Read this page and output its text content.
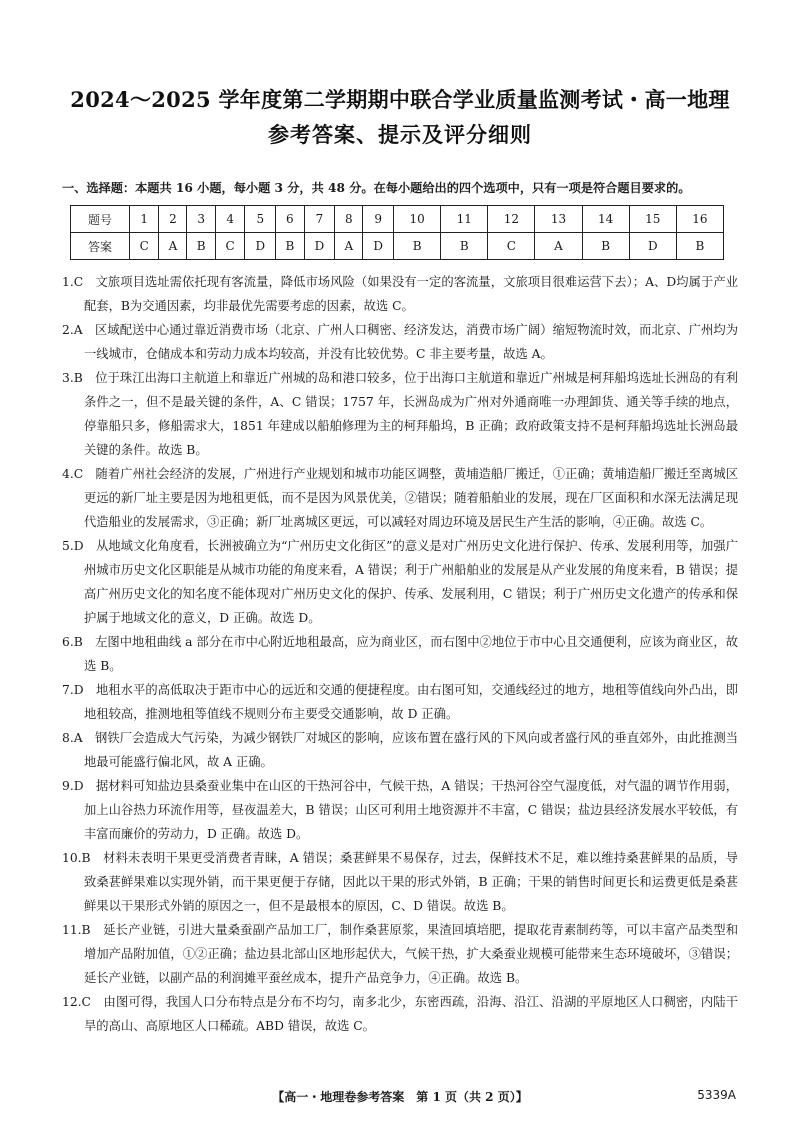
2024～2025 学年度第二学期期中联合学业质量监测考试・高一地理
参考答案、提示及评分细则
一、选择题：本题共 16 小题，每小题 3 分，共 48 分。在每小题给出的四个选项中，只有一项是符合题目要求的。
题号	1	2	3	4	5	6	7	8	9	10	11	12	13	14	15	16
答案	C	A	B	C	D	B	D	A	D	B	B	C	A	B	D	B
1.C　文旅项目选址需依托现有客流量，降低市场风险（如果没有一定的客流量，文旅项目很难运营下去）；A、D均属于产业配套，B为交通因素，均非最优先需要考虑的因素，故选 C。
2.A　区域配送中心通过靠近消费市场（北京、广州人口稠密、经济发达，消费市场广阔）缩短物流时效，而北京、广州均为一线城市，仓储成本和劳动力成本均较高，并没有比较优势。C 非主要考量，故选 A。
3.B　位于珠江出海口主航道上和靠近广州城的岛和港口较多，位于出海口主航道和靠近广州城是柯拜船坞选址长洲岛的有利条件之一，但不是最关键的条件，A、C 错误；1757 年，长洲岛成为广州对外通商唯一办理卸货、通关等手续的地点，停靠船只多，修船需求大，1851 年建成以船舶修理为主的柯拜船坞，B 正确；政府政策支持不是柯拜船坞选址长洲岛最关键的条件。故选 B。
4.C　随着广州社会经济的发展，广州进行产业规划和城市功能区调整，黄埔造船厂搬迁，①正确；黄埔造船厂搬迁至离城区更远的新厂址主要是因为地租更低，而不是因为风景优美，②错误；随着船舶业的发展，现在厂区面积和水深无法满足现代造船业的发展需求，③正确；新厂址离城区更远，可以减轻对周边环境及居民生产生活的影响，④正确。故选 C。
5.D　从地域文化角度看，长洲被确立为“广州历史文化街区”的意义是对广州历史文化进行保护、传承、发展利用等，加强广州城市历史文化区职能是从城市功能的角度来看，A 错误；利于广州船舶业的发展是从产业发展的角度来看，B 错误；提高广州历史文化的知名度不能体现对广州历史文化的保护、传承、发展利用，C 错误；利于广州历史文化遗产的传承和保护属于地域文化的意义，D 正确。故选 D。
6.B　左图中地租曲线 a 部分在市中心附近地租最高，应为商业区，而右图中②地位于市中心且交通便利，应该为商业区，故选 B。
7.D　地租水平的高低取决于距市中心的远近和交通的便捷程度。由右图可知，交通线经过的地方，地租等值线向外凸出，即地租较高，推测地租等值线不规则分布主要受交通影响，故 D 正确。
8.A　钢铁厂会造成大气污染，为减少钢铁厂对城区的影响，应该布置在盛行风的下风向或者盛行风的垂直郊外，由此推测当地最可能盛行偏北风，故 A 正确。
9.D　据材料可知盐边县桑蚕业集中在山区的干热河谷中，气候干热，A 错误；干热河谷空气湿度低，对气温的调节作用弱，加上山谷热力环流作用等，昼夜温差大，B 错误；山区可利用土地资源并不丰富，C 错误；盐边县经济发展水平较低，有丰富而廉价的劳动力，D 正确。故选 D。
10.B　材料未表明干果更受消费者青睐，A 错误；桑葚鲜果不易保存，过去，保鲜技术不足，难以维持桑葚鲜果的品质，导致桑葚鲜果难以实现外销，而干果更便于存储，因此以干果的形式外销，B 正确；干果的销售时间更长和运费更低是桑葚鲜果以干果形式外销的原因之一，但不是最根本的原因，C、D 错误。故选 B。
11.B　延长产业链，引进大量桑蚕副产品加工厂，制作桑葚原浆，果渣回填培肥，提取花青素制药等，可以丰富产品类型和增加产品附加值，①②正确；盐边县北部山区地形起伏大，气候干热，扩大桑蚕业规模可能带来生态环境破坏，③错误；延长产业链，以副产品的利润摊平蚕丝成本，提升产品竞争力，④正确。故选 B。
12.C　由图可得，我国人口分布特点是分布不均匀，南多北少，东密西疏，沿海、沿江、沿湖的平原地区人口稠密，内陆干旱的高山、高原地区人口稀疏。ABD 错误，故选 C。
【高一・地理卷参考答案　第 1 页（共 2 页）】	5339A
